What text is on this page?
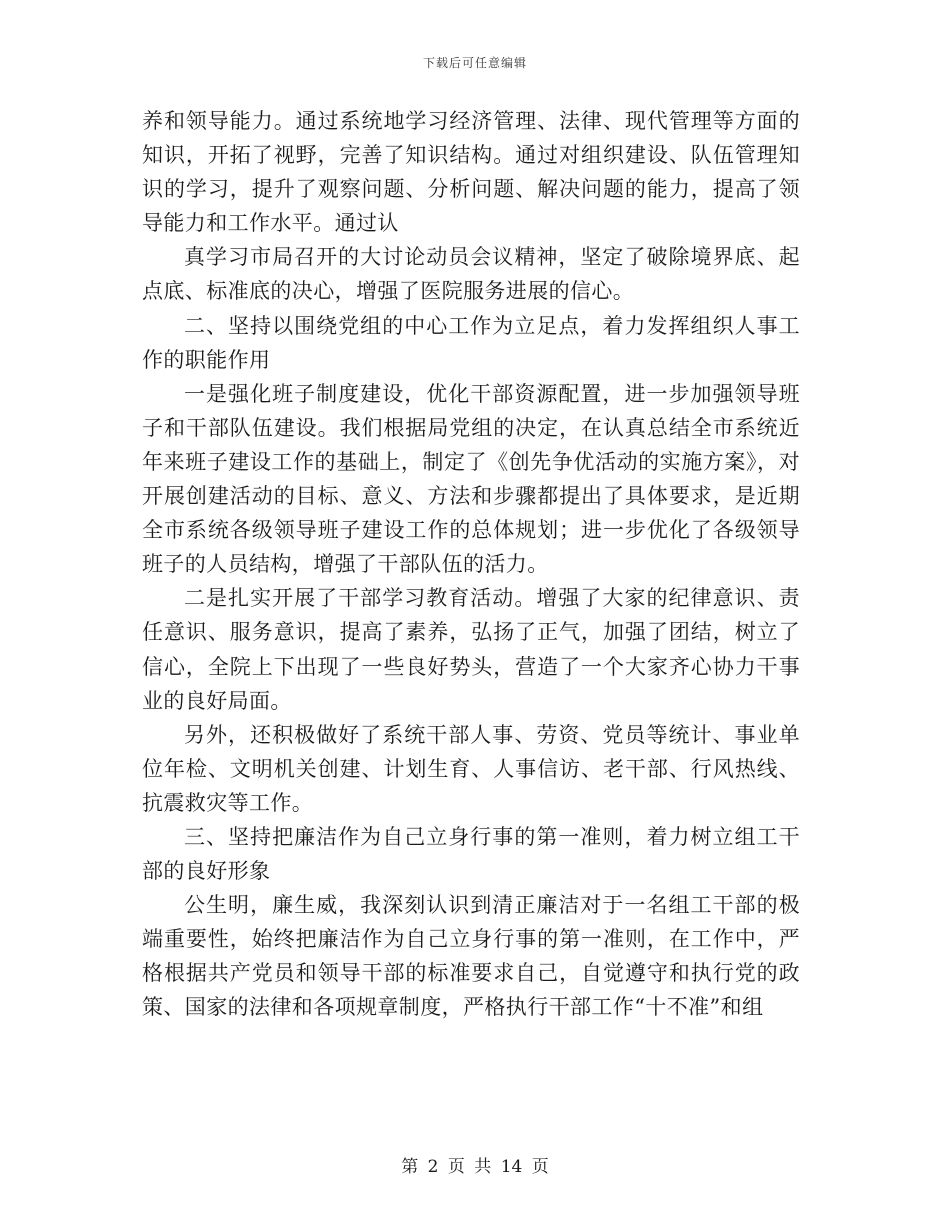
下载后可任意编辑

养和领导能力。通过系统地学习经济管理、法律、现代管理等方面的知识，开拓了视野，完善了知识结构。通过对组织建设、队伍管理知识的学习，提升了观察问题、分析问题、解决问题的能力，提高了领导能力和工作水平。通过认

真学习市局召开的大讨论动员会议精神，坚定了破除境界底、起点底、标准底的决心，增强了医院服务进展的信心。

二、坚持以围绕党组的中心工作为立足点，着力发挥组织人事工作的职能作用

一是强化班子制度建设，优化干部资源配置，进一步加强领导班子和干部队伍建设。我们根据局党组的决定，在认真总结全市系统近年来班子建设工作的基础上，制定了《创先争优活动的实施方案》，对开展创建活动的目标、意义、方法和步骤都提出了具体要求，是近期全市系统各级领导班子建设工作的总体规划；进一步优化了各级领导班子的人员结构，增强了干部队伍的活力。

二是扎实开展了干部学习教育活动。增强了大家的纪律意识、责任意识、服务意识，提高了素养，弘扬了正气，加强了团结，树立了信心，全院上下出现了一些良好势头，营造了一个大家齐心协力干事业的良好局面。

另外，还积极做好了系统干部人事、劳资、党员等统计、事业单位年检、文明机关创建、计划生育、人事信访、老干部、行风热线、抗震救灾等工作。

三、坚持把廉洁作为自己立身行事的第一准则，着力树立组工干部的良好形象

公生明，廉生威，我深刻认识到清正廉洁对于一名组工干部的极端重要性，始终把廉洁作为自己立身行事的第一准则，在工作中，严格根据共产党员和领导干部的标准要求自己，自觉遵守和执行党的政策、国家的法律和各项规章制度，严格执行干部工作“十不准”和组

第 2 页 共 14 页
